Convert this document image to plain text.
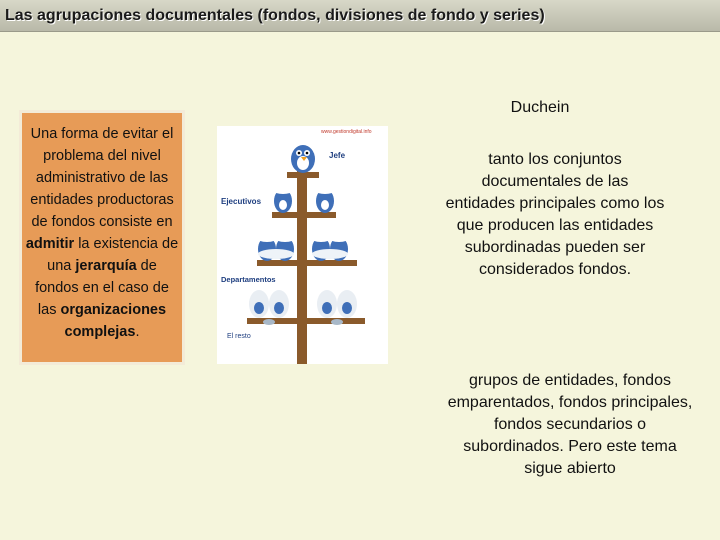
Las agrupaciones documentales (fondos, divisiones de fondo y series)
Una forma de evitar el problema del nivel administrativo de las entidades productoras de fondos consiste en admitir la existencia de una jerarquía de fondos en el caso de las organizaciones complejas.
www.gestiondigital.info
Jefe
Ejecutivos
Departamentos
El resto
Duchein
tanto los conjuntos documentales de las entidades principales como los que producen las entidades subordinadas pueden ser considerados fondos.
grupos de entidades, fondos emparentados, fondos principales, fondos secundarios o subordinados. Pero este tema sigue abierto
